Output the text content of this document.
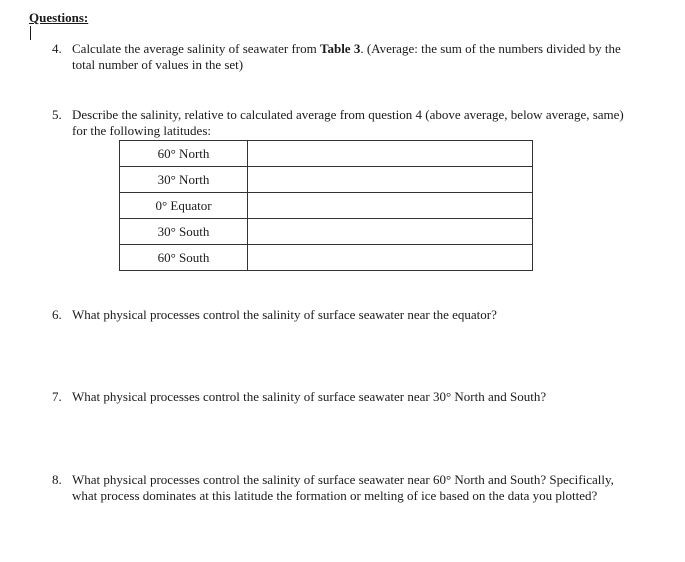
Questions:
4. Calculate the average salinity of seawater from Table 3. (Average: the sum of the numbers divided by the total number of values in the set)
5. Describe the salinity, relative to calculated average from question 4 (above average, below average, same) for the following latitudes:
60° North	
30° North	
0° Equator	
30° South	
60° South	
6. What physical processes control the salinity of surface seawater near the equator?
7. What physical processes control the salinity of surface seawater near 30° North and South?
8. What physical processes control the salinity of surface seawater near 60° North and South? Specifically, what process dominates at this latitude the formation or melting of ice based on the data you plotted?
